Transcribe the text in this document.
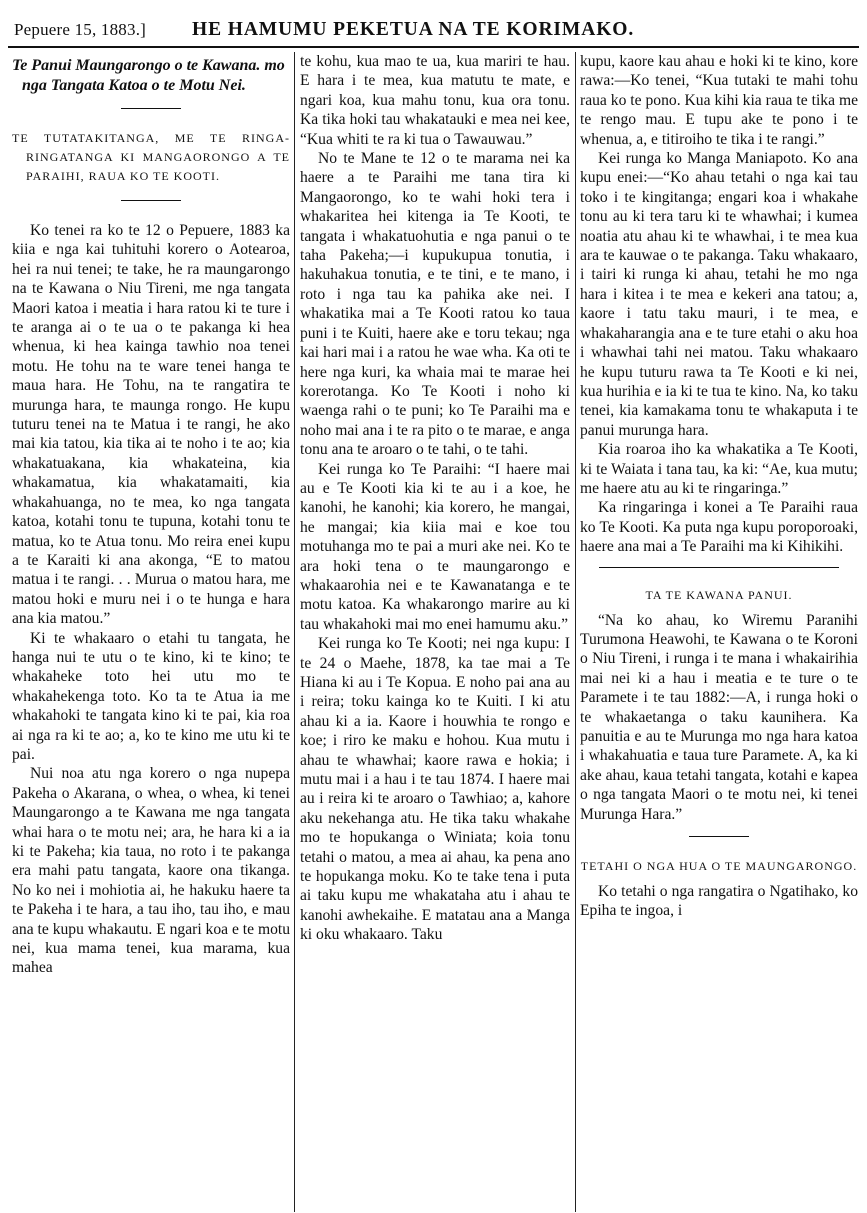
Pepuere 15, 1883.] HE HAMUMU PEKETUA NA TE KORIMAKO.
Te Panui Maungarongo o te Kawana. mo nga Tangata Katoa o te Motu Nei.
TE TUTATAKITANGA, ME TE RINGA-RINGATANGA KI MANGAORONGO A TE PARAIHI, RAUA KO TE KOOTI.

Ko tenei ra ko te 12 o Pepuere, 1883 ka kiia e nga kai tuhituhi korero o Aotearoa, hei ra nui tenei; te take, he ra maungarongo na te Kawana o Niu Tireni, me nga tangata Maori katoa i meatia i hara ratou ki te ture i te aranga ai o te ua o te pakanga ki hea whenua, ki hea kainga tawhio noa tenei motu. He tohu na te ware tenei hanga te maua hara. He Tohu, na te rangatira te murunga hara, te maunga rongo. He kupu tuturu tenei na te Matua i te rangi, he ako mai kia tatou, kia tika ai te noho i te ao; kia whakatuakana, kia whakateina, kia whakamatua, kia whakatamaiti, kia whakahuanga, no te mea, ko nga tangata katoa, kotahi tonu te tupuna, kotahi tonu te matua, ko te Atua tonu. Mo reira enei kupu a te Karaiti ki ana akonga, “E to matou matua i te rangi. . . Murua o matou hara, me matou hoki e muru nei i o te hunga e hara ana kia matou.”

Ki te whakaaro o etahi tu tangata, he hanga nui te utu o te kino, ki te kino; te whakaheke toto hei utu mo te whakahekenga toto. Ko ta te Atua ia me whakahoki te tangata kino ki te pai, kia roa ai nga ra ki te ao; a, ko te kino me utu ki te pai.

Nui noa atu nga korero o nga nupepa Pakeha o Akarana, o whea, o whea, ki tenei Maungarongo a te Kawana me nga tangata whai hara o te motu nei; ara, he hara ki a ia ki te Pakeha; kia taua, no roto i te pakanga era mahi patu tangata, kaore ona tikanga. No ko nei i mohiotia ai, he hakuku haere ta te Pakeha i te hara, a tau iho, tau iho, e mau ana te kupu whakautu. E ngari koa e te motu nei, kua mama tenei, kua marama, kua mahea

te kohu, kua mao te ua, kua mariri te hau. E hara i te mea, kua matutu te mate, e ngari koa, kua mahu tonu, kua ora tonu. Ka tika hoki tau whakatauki e mea nei kee, “Kua whiti te ra ki tua o Tawauwau.”

No te Mane te 12 o te marama nei ka haere a te Paraihi me tana tira ki Mangaorongo, ko te wahi hoki tera i whakaritea hei kitenga ia Te Kooti, te tangata i whakatuohutia e nga panui o te taha Pakeha;—i kupukupua tonutia, i hakuhakua tonutia, e te tini, e te mano, i roto i nga tau ka pahika ake nei. I whakatika mai a Te Kooti ratou ko taua puni i te Kuiti, haere ake e toru tekau; nga kai hari mai i a ratou he wae wha. Ka oti te here nga kuri, ka whaia mai te marae hei korerotanga. Ko Te Kooti i noho ki waenga rahi o te puni; ko Te Paraihi ma e noho mai ana i te ra pito o te marae, e anga tonu ana te aroaro o te tahi, o te tahi.

Kei runga ko Te Paraihi: “I haere mai au e Te Kooti kia ki te au i a koe, he kanohi, he kanohi; kia korero, he mangai, he mangai; kia kiia mai e koe tou motuhanga mo te pai a muri ake nei. Ko te ara hoki tena o te maungarongo e whakaarohia nei e te Kawanatanga e te motu katoa. Ka whakarongo marire au ki tau whakahoki mai mo enei hamumu aku.”

Kei runga ko Te Kooti; nei nga kupu: I te 24 o Maehe, 1878, ka tae mai a Te Hiana ki au i Te Kopua. E noho pai ana au i reira; toku kainga ko te Kuiti. I ki atu ahau ki a ia. Kaore i houwhia te rongo e koe; i riro ke maku e hohou. Kua mutu i ahau te whawhai; kaore rawa e hokia; i mutu mai i a hau i te tau 1874. I haere mai au i reira ki te aroaro o Tawhiao; a, kahore aku nekehanga atu. He tika taku whakahe mo te hopukanga o Winiata; koia tonu tetahi o matou, a mea ai ahau, ka pena ano te hopukanga moku. Ko te take tena i puta ai taku kupu me whakataha atu i ahau te kanohi awhekaihe. E matatau ana a Manga ki oku whakaaro. Taku

kupu, kaore kau ahau e hoki ki te kino, kore rawa:—Ko tenei, “Kua tutaki te mahi tohu raua ko te pono. Kua kihi kia raua te tika me te rengo mau. E tupu ake te pono i te whenua, a, e titiroiho te tika i te rangi.”

Kei runga ko Manga Maniapoto. Ko ana kupu enei:—“Ko ahau tetahi o nga kai tau toko i te kingitanga; engari koa i whakahe tonu au ki tera taru ki te whawhai; i kumea noatia atu ahau ki te whawhai, i te mea kua ara te kauwae o te pakanga. Taku whakaaro, i tairi ki runga ki ahau, tetahi he mo nga hara i kitea i te mea e kekeri ana tatou; a, kaore i tatu taku mauri, i te mea, e whakaharangia ana e te ture etahi o aku hoa i whawhai tahi nei matou. Taku whakaaro he kupu tuturu rawa ta Te Kooti e ki nei, kua hurihia e ia ki te tua te kino. Na, ko taku tenei, kia kamakama tonu te whakaputa i te panui murunga hara.

Kia roaroa iho ka whakatika a Te Kooti, ki te Waiata i tana tau, ka ki: “Ae, kua mutu; me haere atu au ki te ringaringa.”

Ka ringaringa i konei a Te Paraihi raua ko Te Kooti. Ka puta nga kupu poroporoaki, haere ana mai a Te Paraihi ma ki Kihikihi.

TA TE KAWANA PANUI.

“Na ko ahau, ko Wiremu Paranihi Turumona Heawohi, te Kawana o te Koroni o Niu Tireni, i runga i te mana i whakairihia mai nei ki a hau i meatia e te ture o te Paramete i te tau 1882:—A, i runga hoki o te whakaetanga o taku kaunihera. Ka panuitia e au te Murunga mo nga hara katoa i whakahuatia e taua ture Paramete. A, ka ki ake ahau, kaua tetahi tangata, kotahi e kapea o nga tangata Maori o te motu nei, ki tenei Murunga Hara.”

TETAHI O NGA HUA O TE MAUNGARONGO.

Ko tetahi o nga rangatira o Ngatihako, ko Epiha te ingoa, i
